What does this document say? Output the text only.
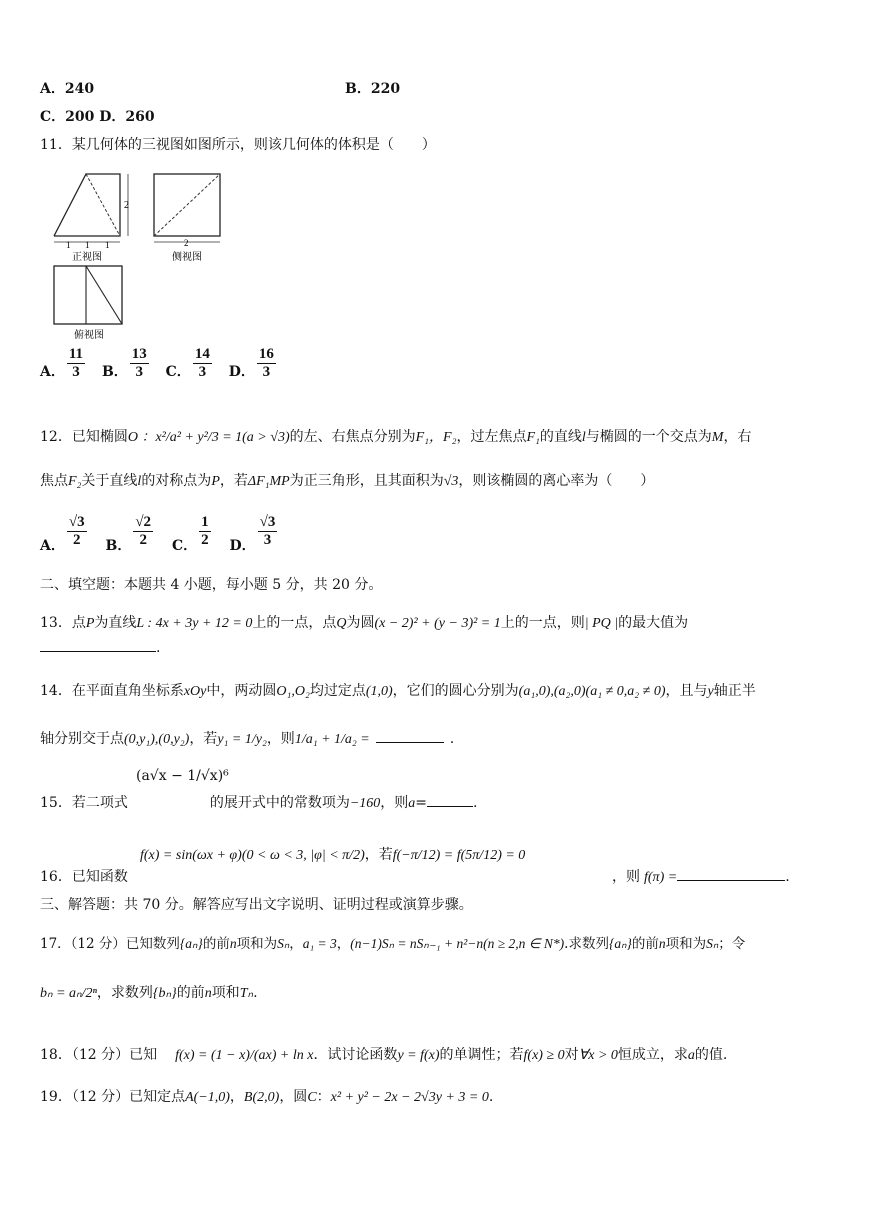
A．240	B．220
C．200 D．260
11．某几何体的三视图如图所示，则该几何体的体积是（　　）
2
1 1 1
正视图
2
侧视图
俯视图
A． $\frac{11}{3}$ B． $\frac{13}{3}$ C． $\frac{14}{3}$ D． $\frac{16}{3}$
12．已知椭圆O ：x²/a² + y²/3 = 1(a > √3)的左、右焦点分别为F₁，F₂，过左焦点F₁的直线l与椭圆的一个交点为M，右
焦点F₂关于直线l的对称点为P，若ΔF₁MP为正三角形，且其面积为√3，则该椭圆的离心率为（　　）
A． $\frac{√3}{2}$ B． $\frac{√2}{2}$ C． $\frac{1}{2}$ D． $\frac{√3}{3}$
二、填空题：本题共 4 小题，每小题 5 分，共 20 分。
13．点P为直线L : 4x + 3y + 12 = 0上的一点，点Q为圆(x − 2)² + (y − 3)² = 1上的一点，则| PQ |的最大值为
.
14．在平面直角坐标系xOy中，两动圆O₁,O₂均过定点(1,0)，它们的圆心分别为(a₁,0),(a₂,0)(a₁ ≠ 0,a₂ ≠ 0)，且与y轴正半
轴分别交于点(0,y₁),(0,y₂)，若y₁ = 1/y₂，则1/a₁ + 1/a₂ =	.
(a√x − 1/√x)⁶
15．若二项式	的展开式中的常数项为−160，则a=	.
f(x) = sin(ωx + φ)(0 < ω < 3, |φ| < π/2)，若f(−π/12) = f(5π/12) = 0
16．已知函数	，则 f(π) =	.
三、解答题：共 70 分。解答应写出文字说明、证明过程或演算步骤。
17．（12 分）已知数列{aₙ}的前n项和为Sₙ，a₁ = 3，(n−1)Sₙ = nSₙ₋₁ + n²−n(n ≥ 2,n ∈ N*).求数列{aₙ}的前n项和为Sₙ；令
bₙ = aₙ/2ⁿ，求数列{bₙ}的前n项和Tₙ.
18．（12 分）已知 f(x) = (1 − x)/(ax) + ln x．试讨论函数y = f(x)的单调性；若f(x) ≥ 0对∀x > 0恒成立，求a的值.
19．（12 分）已知定点A(−1,0)，B(2,0)，圆C：x² + y² − 2x − 2√3y + 3 = 0.
